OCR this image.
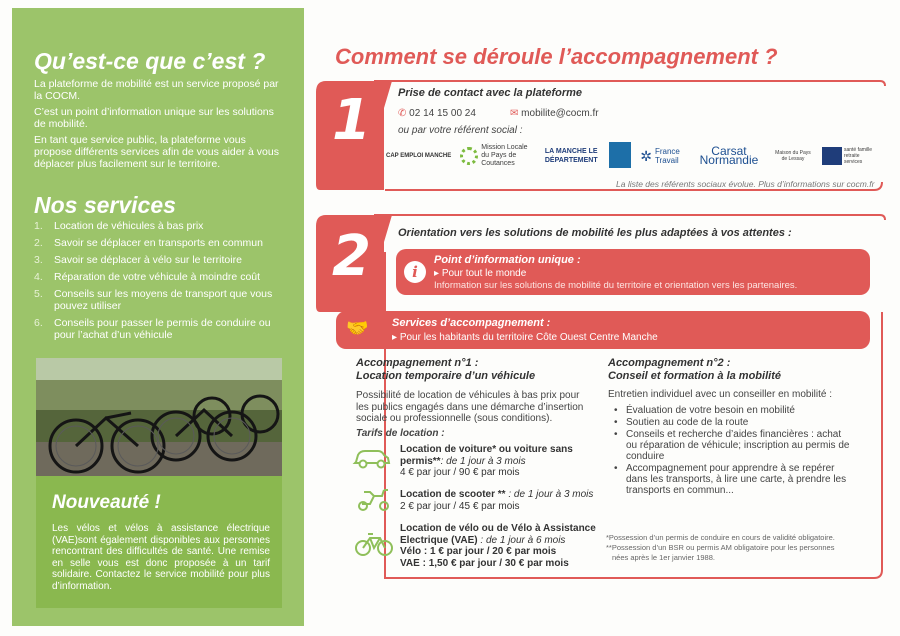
Qu’est-ce que c’est ?
La plateforme de mobilité est un service proposé par la COCM.
C’est un point d’information unique sur les solutions de mobilité.
En tant que service public, la plateforme vous propose différents services afin de vous aider à vous déplacer plus facilement sur le territoire.
Nos services
1.	Location de véhicules à bas prix
2.	Savoir se déplacer en transports en commun
3.	Savoir se déplacer à vélo sur le territoire
4.	Réparation de votre véhicule à moindre coût
5.	Conseils sur les moyens de transport que vous pouvez utiliser
6.	Conseils pour passer le permis de conduire ou pour l’achat d’un véhicule
Nouveauté !
Les vélos et vélos à assistance électrique (VAE)sont également disponibles aux personnes rencontrant des difficultés de santé. Une remise en selle vous est donc proposée à un tarif solidaire. Contactez le service mobilité pour plus d’information.
Comment se déroule l’accompagnement ?
1 Prise de contact avec la plateforme
✆ 02 14 15 00 24	✉ mobilite@cocm.fr
ou par votre référent social :
CAP EMPLOI MANCHE
Mission Locale du Pays de Coutances
LA MANCHE LE DÉPARTEMENT	✲ France Travail
Carsat Normandie	Maison du Pays de Lessay
santé famille retraite services
La liste des référents sociaux évolue. Plus d’informations sur cocm.fr
2 Orientation vers les solutions de mobilité les plus adaptées à vos attentes :
i
Point d’information unique :
▸ Pour tout le monde
Information sur les solutions de mobilité du territoire et orientation vers les partenaires.
🤝 Services d’accompagnement :
▸ Pour les habitants du territoire Côte Ouest Centre Manche
Accompagnement n°1 :
Location temporaire d’un véhicule
Possibilité de location de véhicules à bas prix pour les publics engagés dans une démarche d’insertion sociale ou professionnelle (sous conditions).
Tarifs de location :
Location de voiture* ou voiture sans permis**: de 1 jour à 3 mois
4 € par jour / 90 € par mois
Location de scooter ** : de 1 jour à 3 mois
2 € par jour / 45 € par mois
Location de vélo ou de Vélo à Assistance Electrique (VAE) : de 1 jour à 6 mois
Vélo : 1 € par jour / 20 € par mois
VAE : 1,50 € par jour / 30 € par mois
Accompagnement n°2 :
Conseil et formation à la mobilité
Entretien individuel avec un conseiller en mobilité :
• Évaluation de votre besoin en mobilité
• Soutien au code de la route
• Conseils et recherche d’aides financières : achat ou réparation de véhicule; inscription au permis de conduire
• Accompagnement pour apprendre à se repérer dans les transports, à lire une carte, à prendre les transports en commun...
*Possession d’un permis de conduire en cours de validité obligatoire.
**Possession d’un BSR ou permis AM obligatoire pour les personnes
nées après le 1er janvier 1988.
